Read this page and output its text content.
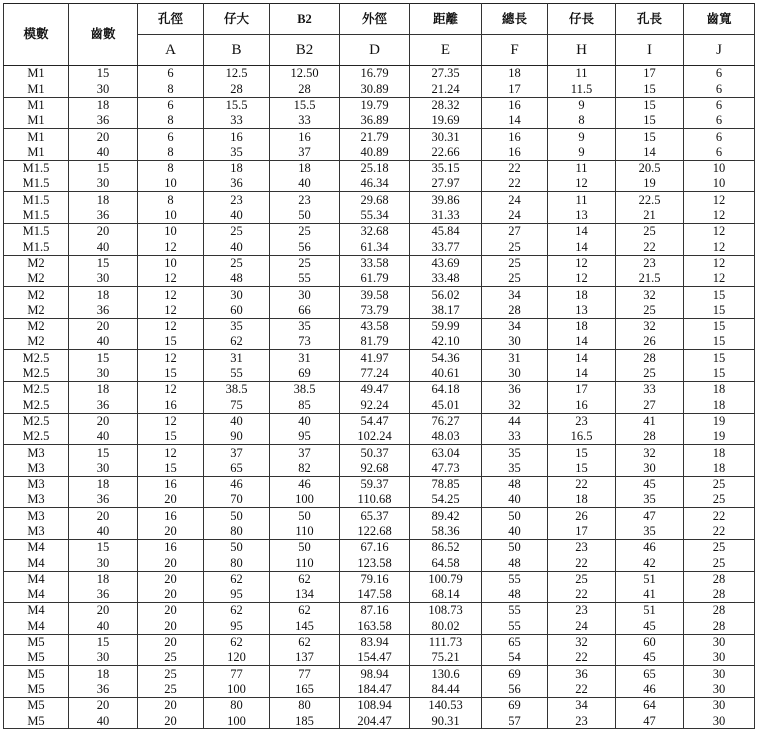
模數	齒數	孔徑	仔大	B2	外徑	距離	總長	仔長	孔長	齒寬
		A	B	B2	D	E	F	H	I	J
M1	15	6	12.5	12.50	16.79	27.35	18	11	17	6
M1	30	8	28	28	30.89	21.24	17	11.5	15	6
M1	18	6	15.5	15.5	19.79	28.32	16	9	15	6
M1	36	8	33	33	36.89	19.69	14	8	15	6
M1	20	6	16	16	21.79	30.31	16	9	15	6
M1	40	8	35	37	40.89	22.66	16	9	14	6
M1.5	15	8	18	18	25.18	35.15	22	11	20.5	10
M1.5	30	10	36	40	46.34	27.97	22	12	19	10
M1.5	18	8	23	23	29.68	39.86	24	11	22.5	12
M1.5	36	10	40	50	55.34	31.33	24	13	21	12
M1.5	20	10	25	25	32.68	45.84	27	14	25	12
M1.5	40	12	40	56	61.34	33.77	25	14	22	12
M2	15	10	25	25	33.58	43.69	25	12	23	12
M2	30	12	48	55	61.79	33.48	25	12	21.5	12
M2	18	12	30	30	39.58	56.02	34	18	32	15
M2	36	12	60	66	73.79	38.17	28	13	25	15
M2	20	12	35	35	43.58	59.99	34	18	32	15
M2	40	15	62	73	81.79	42.10	30	14	26	15
M2.5	15	12	31	31	41.97	54.36	31	14	28	15
M2.5	30	15	55	69	77.24	40.61	30	14	25	15
M2.5	18	12	38.5	38.5	49.47	64.18	36	17	33	18
M2.5	36	16	75	85	92.24	45.01	32	16	27	18
M2.5	20	12	40	40	54.47	76.27	44	23	41	19
M2.5	40	15	90	95	102.24	48.03	33	16.5	28	19
M3	15	12	37	37	50.37	63.04	35	15	32	18
M3	30	15	65	82	92.68	47.73	35	15	30	18
M3	18	16	46	46	59.37	78.85	48	22	45	25
M3	36	20	70	100	110.68	54.25	40	18	35	25
M3	20	16	50	50	65.37	89.42	50	26	47	22
M3	40	20	80	110	122.68	58.36	40	17	35	22
M4	15	16	50	50	67.16	86.52	50	23	46	25
M4	30	20	80	110	123.58	64.58	48	22	42	25
M4	18	20	62	62	79.16	100.79	55	25	51	28
M4	36	20	95	134	147.58	68.14	48	22	41	28
M4	20	20	62	62	87.16	108.73	55	23	51	28
M4	40	20	95	145	163.58	80.02	55	24	45	28
M5	15	20	62	62	83.94	111.73	65	32	60	30
M5	30	25	120	137	154.47	75.21	54	22	45	30
M5	18	25	77	77	98.94	130.6	69	36	65	30
M5	36	25	100	165	184.47	84.44	56	22	46	30
M5	20	20	80	80	108.94	140.53	69	34	64	30
M5	40	20	100	185	204.47	90.31	57	23	47	30
